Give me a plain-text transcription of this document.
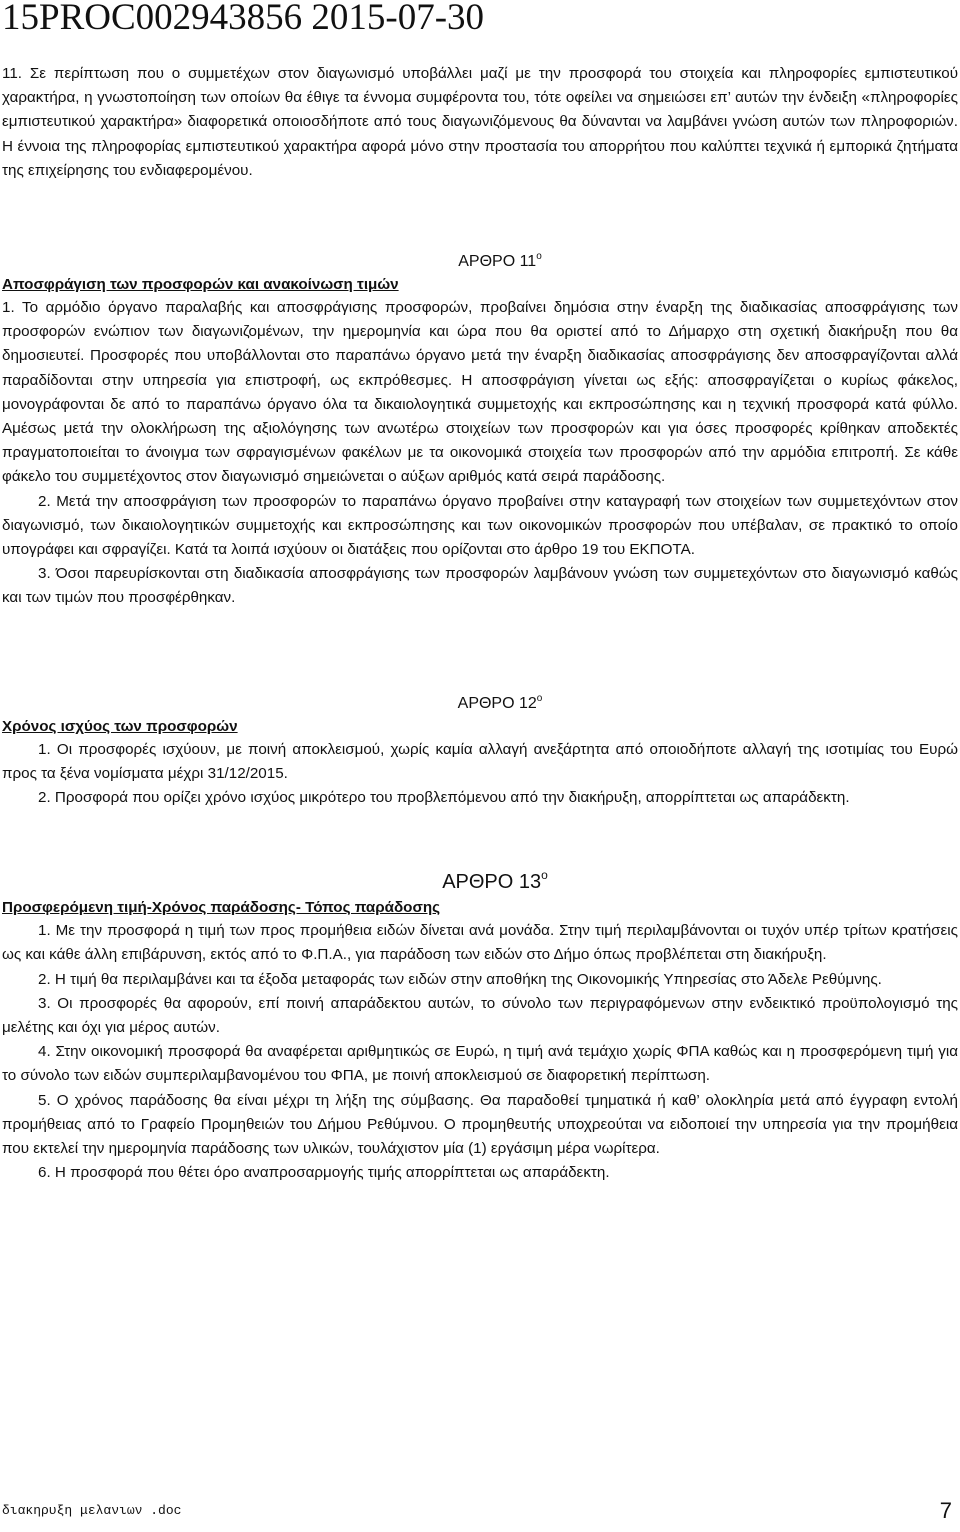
15PROC002943856 2015-07-30

11. Σε περίπτωση που ο συμμετέχων στον διαγωνισμό υποβάλλει μαζί με την προσφορά του στοιχεία και πληροφορίες εμπιστευτικού χαρακτήρα, η γνωστοποίηση των οποίων θα έθιγε τα έννομα συμφέροντα του, τότε οφείλει να σημειώσει επ’ αυτών την ένδειξη «πληροφορίες εμπιστευτικού χαρακτήρα» διαφορετικά οποιοσδήποτε από τους διαγωνιζόμενους θα δύνανται να λαμβάνει γνώση αυτών των πληροφοριών. Η έννοια της πληροφορίας εμπιστευτικού χαρακτήρα αφορά μόνο στην προστασία του απορρήτου που καλύπτει τεχνικά ή εμπορικά ζητήματα της επιχείρησης του ενδιαφερομένου.

ΑΡΘΡΟ $11^o$

Αποσφράγιση των προσφορών και ανακοίνωση τιμών

1. Το αρμόδιο όργανο παραλαβής και αποσφράγισης προσφορών, προβαίνει δημόσια στην έναρξη της διαδικασίας αποσφράγισης των προσφορών ενώπιον των διαγωνιζομένων, την ημερομηνία και ώρα που θα οριστεί από το Δήμαρχο στη σχετική διακήρυξη που θα δημοσιευτεί. Προσφορές που υποβάλλονται στο παραπάνω όργανο μετά την έναρξη διαδικασίας αποσφράγισης δεν αποσφραγίζονται αλλά παραδίδονται στην υπηρεσία για επιστροφή, ως εκπρόθεσμες. Η αποσφράγιση γίνεται ως εξής: αποσφραγίζεται ο κυρίως φάκελος, μονογράφονται δε από το παραπάνω όργανο όλα τα δικαιολογητικά συμμετοχής και εκπροσώπησης και η τεχνική προσφορά κατά φύλλο. Αμέσως μετά την ολοκλήρωση της αξιολόγησης των ανωτέρω στοιχείων των προσφορών και για όσες προσφορές κρίθηκαν αποδεκτές πραγματοποιείται το άνοιγμα των σφραγισμένων φακέλων με τα οικονομικά στοιχεία των προσφορών από την αρμόδια επιτροπή. Σε κάθε φάκελο του συμμετέχοντος στον διαγωνισμό σημειώνεται ο αύξων αριθμός κατά σειρά παράδοσης.

2. Μετά την αποσφράγιση των προσφορών το παραπάνω όργανο προβαίνει στην καταγραφή των στοιχείων των συμμετεχόντων στον διαγωνισμό, των δικαιολογητικών συμμετοχής και εκπροσώπησης και των οικονομικών προσφορών που υπέβαλαν, σε πρακτικό το οποίο υπογράφει και σφραγίζει. Κατά τα λοιπά ισχύουν οι διατάξεις που ορίζονται στο άρθρο 19 του ΕΚΠΟΤΑ.

3. Όσοι παρευρίσκονται στη διαδικασία αποσφράγισης των προσφορών λαμβάνουν γνώση των συμμετεχόντων στο διαγωνισμό καθώς και των τιμών που προσφέρθηκαν.

ΑΡΘΡΟ $12^o$

Χρόνος ισχύος των προσφορών

1. Οι προσφορές ισχύουν, με ποινή αποκλεισμού, χωρίς καμία αλλαγή ανεξάρτητα από οποιοδήποτε αλλαγή της ισοτιμίας του Ευρώ προς τα ξένα νομίσματα μέχρι 31/12/2015.

2. Προσφορά που ορίζει χρόνο ισχύος μικρότερο του προβλεπόμενου από την διακήρυξη, απορρίπτεται ως απαράδεκτη.

ΑΡΘΡΟ $13^o$

Προσφερόμενη τιμή-Χρόνος παράδοσης- Τόπος παράδοσης

1. Με την προσφορά η τιμή των προς προμήθεια ειδών δίνεται ανά μονάδα. Στην τιμή περιλαμβάνονται οι τυχόν υπέρ τρίτων κρατήσεις ως και κάθε άλλη επιβάρυνση, εκτός από το Φ.Π.Α., για παράδοση των ειδών στο Δήμο όπως προβλέπεται στη διακήρυξη.

2. Η τιμή θα περιλαμβάνει και τα έξοδα μεταφοράς των ειδών στην αποθήκη της Οικονομικής Υπηρεσίας στο Άδελε Ρεθύμνης.

3. Οι προσφορές θα αφορούν, επί ποινή απαράδεκτου αυτών, το σύνολο των περιγραφόμενων στην ενδεικτικό προϋπολογισμό της μελέτης και όχι για μέρος αυτών.

4. Στην οικονομική προσφορά θα αναφέρεται αριθμητικώς σε Ευρώ, η τιμή ανά τεμάχιο χωρίς ΦΠΑ καθώς και η προσφερόμενη τιμή για το σύνολο των ειδών συμπεριλαμβανομένου του ΦΠΑ, με ποινή αποκλεισμού σε διαφορετική περίπτωση.

5. Ο χρόνος παράδοσης θα είναι μέχρι τη λήξη της σύμβασης. Θα παραδοθεί τμηματικά ή καθ’ ολοκληρία μετά από έγγραφη εντολή προμήθειας από το Γραφείο Προμηθειών του Δήμου Ρεθύμνου. Ο προμηθευτής υποχρεούται να ειδοποιεί την υπηρεσία για την προμήθεια που εκτελεί την ημερομηνία παράδοσης των υλικών, τουλάχιστον μία (1) εργάσιμη μέρα νωρίτερα.

6. Η προσφορά που θέτει όρο αναπροσαρμογής τιμής απορρίπτεται ως απαράδεκτη.

διακηρυξη μελανιων .doc	7
